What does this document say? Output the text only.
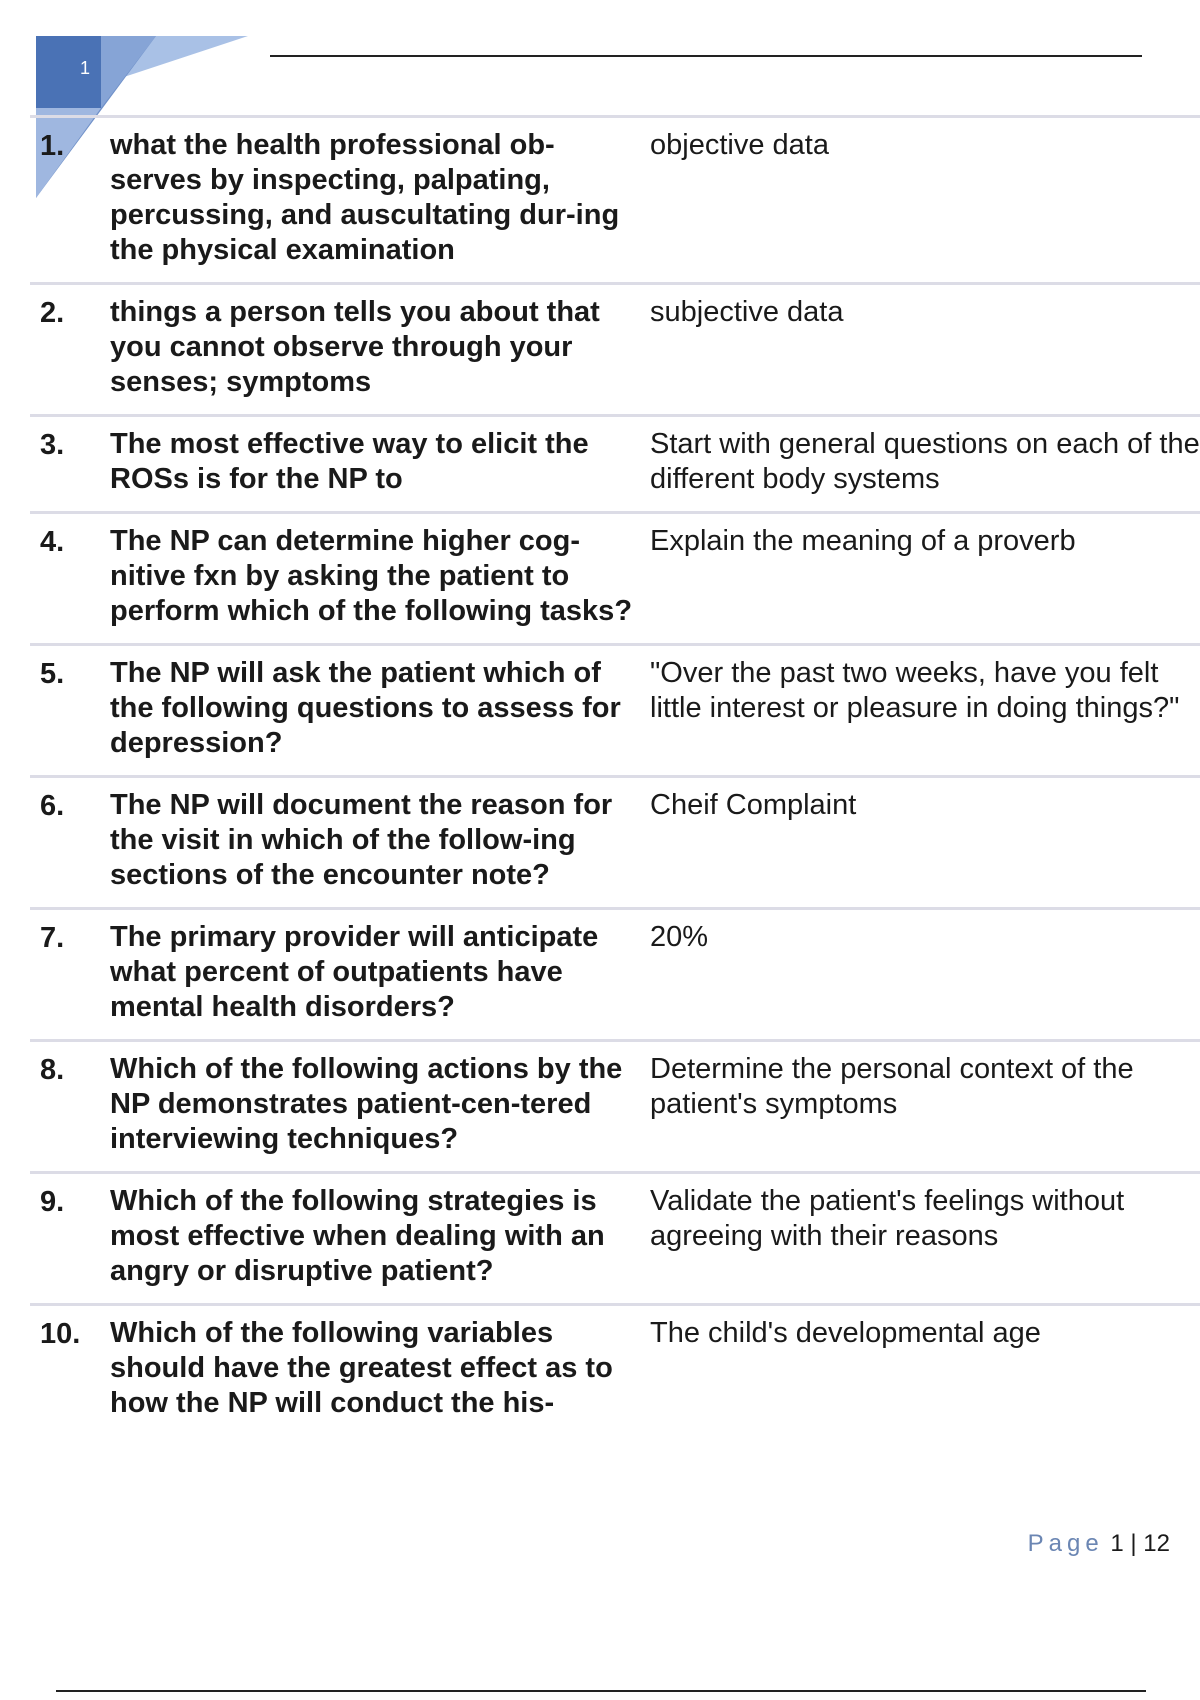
1
1.	what the health professional ob-serves by inspecting, palpating, percussing, and auscultating dur-ing the physical examination
objective data
2.	things a person tells you about that you cannot observe through your senses; symptoms
subjective data
3.	The most effective way to elicit the ROSs is for the NP to
Start with general questions on each of the different body systems
4.	The NP can determine higher cog-nitive fxn by asking the patient to perform which of the following tasks?
Explain the meaning of a proverb
5.	The NP will ask the patient which of the following questions to assess for depression?
"Over the past two weeks, have you felt little interest or pleasure in doing things?"
6.	The NP will document the reason for the visit in which of the follow-ing sections of the encounter note?
Cheif Complaint
7.	The primary provider will anticipate what percent of outpatients have mental health disorders?
20%
8.	Which of the following actions by the NP demonstrates patient-cen-tered interviewing techniques?
Determine the personal context of the patient's symptoms
9.	Which of the following strategies is most effective when dealing with an angry or disruptive patient?
Validate the patient's feelings without agreeing with their reasons
10.	Which of the following variables should have the greatest effect as to how the NP will conduct the his-
The child's developmental age
Page 1 | 12
